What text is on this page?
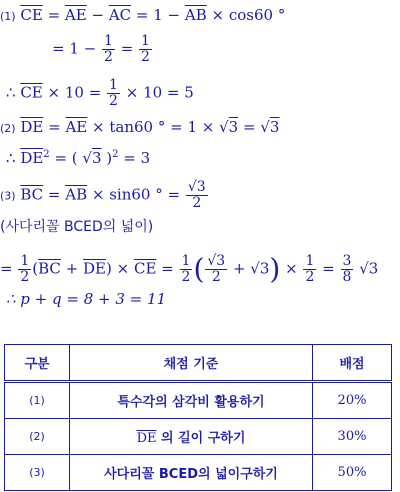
(1) $\overline{CE} = \overline{AE} - \overline{AC} = 1 - \overline{AB} \times \cos 60$ °
= $1 - \frac{1}{2} = \frac{1}{2}$
∴ $\overline{CE} \times 10 = \frac{1}{2} \times 10 = 5$
(2) $\overline{DE} = \overline{AE} \times \tan 60$ ° = 1 × √3 = √3
∴ $\overline{DE}^2$ = ( √3 )$^2$ = 3
(3) $\overline{BC} = \overline{AB} \times \sin 60$ ° = $\frac{√3}{2}$
(사다리꼴 BCED의 넓이)
= $\frac{1}{2} (\overline{BC} + \overline{DE}) \times \overline{CE} = \frac{1}{2}$ ( $\frac{√3}{2} + √3) \times \frac{1}{2} = \frac{3}{8} √3$
∴ p + q = 8 + 3 = 11
구분	채점 기준	배점
(1)	특수각의 삼각비 활용하기	20%
(2)	$\overline{DE}$ 의 길이 구하기	30%
(3)	사다리꼴 BCED의 넓이구하기	50%
